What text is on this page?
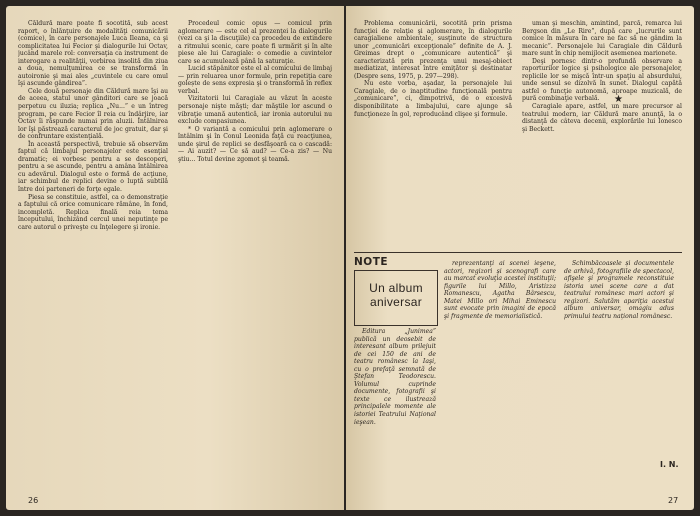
Căldură mare poate fi socotită, sub acest raport, o înlănţuire de modalităţi comunicării (comice), în care personajele Luca Ileana, ca şi complicitatea lui Fecior şi dialogurile lui Octav, jucând marele rol: conversaţia ca instrument de interogare a realităţii, vorbirea insolită din ziua a doua, nemulţumirea ce se transformă în autoironie şi mai ales „cuvintele cu care omul îşi ascunde gândirea”.

Cele două personaje din Căldură mare îşi au de aceea, statul unor gânditori care se joacă perpetuu cu iluzia; replica „Nu...” e un întreg program, pe care Fecior îl reia cu îndârjire, iar Octav îi răspunde numai prin aluzii. Întâlnirea lor îşi păstrează caracterul de joc gratuit, dar şi de confruntare existenţială.

În această perspectivă, trebuie să observăm faptul că limbajul personajelor este esenţial dramatic; ei vorbesc pentru a se descoperi, pentru a se ascunde, pentru a amâna întâlnirea cu adevărul. Dialogul este o formă de acţiune, iar schimbul de replici devine o luptă subtilă între doi parteneri de forţe egale.

Piesa se constituie, astfel, ca o demonstraţie a faptului că orice comunicare rămâne, în fond, incompletă. Replica finală reia tema începutului, închizând cercul unei neputinţe pe care autorul o priveşte cu înţelegere şi ironie.

Procedeul comic opus — comicul prin aglomerare — este cel al prezenţei la dialogurile (vezi ca şi la discuţiile) ca procedeu de extindere a ritmului scenic, care poate fi urmărit şi în alte piese ale lui Caragiale: o comedie a cuvintelor care se acumulează până la saturaţie.

Lucid stăpânitor este el al comicului de limbaj — prin reluarea unor formule, prin repetiţia care golește de sens expresia şi o transformă în reflex verbal.

Vizitatorii lui Caragiale au văzut în aceste personaje nişte măşti; dar măştile lor ascund o vibraţie umană autentică, iar ironia autorului nu exclude compasiunea.

* O variantă a comicului prin aglomerare o întâlnim şi în Conul Leonida faţă cu reacţiunea, unde şirul de replici se desfăşoară ca o cascadă: — Ai auzit? — Ce să aud? — Ce-a zis? — Nu ştiu... Totul devine zgomot şi teamă.

26

Problema comunicării, socotită prin prisma funcţiei de relaţie şi aglomerare, în dialogurile caragialiene ambientale, susţinute de structura unor „comunicări excepţionale” definite de A. J. Greimas drept o „comunicare autentică” şi caracterizată prin prezenţa unui mesaj-obiect mediatizat, interesat între emiţător şi destinatar (Despre sens, 1975, p. 297—298).

Nu este vorba, aşadar, la personajele lui Caragiale, de o inaptitudine funcţională pentru „comunicare”, ci, dimpotrivă, de o excesivă disponibilitate a limbajului, care ajunge să funcţioneze în gol, reproducând clişee şi formule.

uman şi meschin, amintind, parcă, remarca lui Bergson din „Le Rire”, după care „lucrurile sunt comice în măsura în care ne fac să ne gândim la mecanic”. Personajele lui Caragiale din Căldură mare sunt în chip nemijlocit asemenea marionete.

Deşi pornesc dintr-o profundă observare a raporturilor logice şi psihologice ale personajelor, replicile lor se mişcă într-un spaţiu al absurdului, unde sensul se dizolvă în sunet. Dialogul capătă astfel o funcţie autonomă, aproape muzicală, de pură combinaţie verbală.

Caragiale apare, astfel, un mare precursor al teatrului modern, iar Căldură mare anunţă, la o distanţă de câteva decenii, explorările lui Ionesco şi Beckett.

★
NOTE
Un album aniversar

Editura „Junimea” publică un deosebit de interesant album prilejuit de cei 150 de ani de teatru românesc la Iaşi, cu o prefaţă semnată de Ştefan Teodorescu. Volumul cuprinde documente, fotografii şi texte ce ilustrează principalele momente ale istoriei Teatrului Naţional ieşean.

reprezentanţi ai scenei ieşene, actori, regizori şi scenografi care au marcat evoluţia acestei instituţii; figurile lui Millo, Aristizza Romanescu, Agatha Bârsescu, Matei Millo ori Mihai Eminescu sunt evocate prin imagini de epocă şi fragmente de memorialistică.

Schimbăcoasele și documentele de arhivă, fotografiile de spectacol, afişele şi programele reconstituie istoria unei scene care a dat teatrului românesc mari actori şi regizori. Salutăm apariţia acestui album aniversar, omagiu adus primului teatru național românesc.

I. N.
27
